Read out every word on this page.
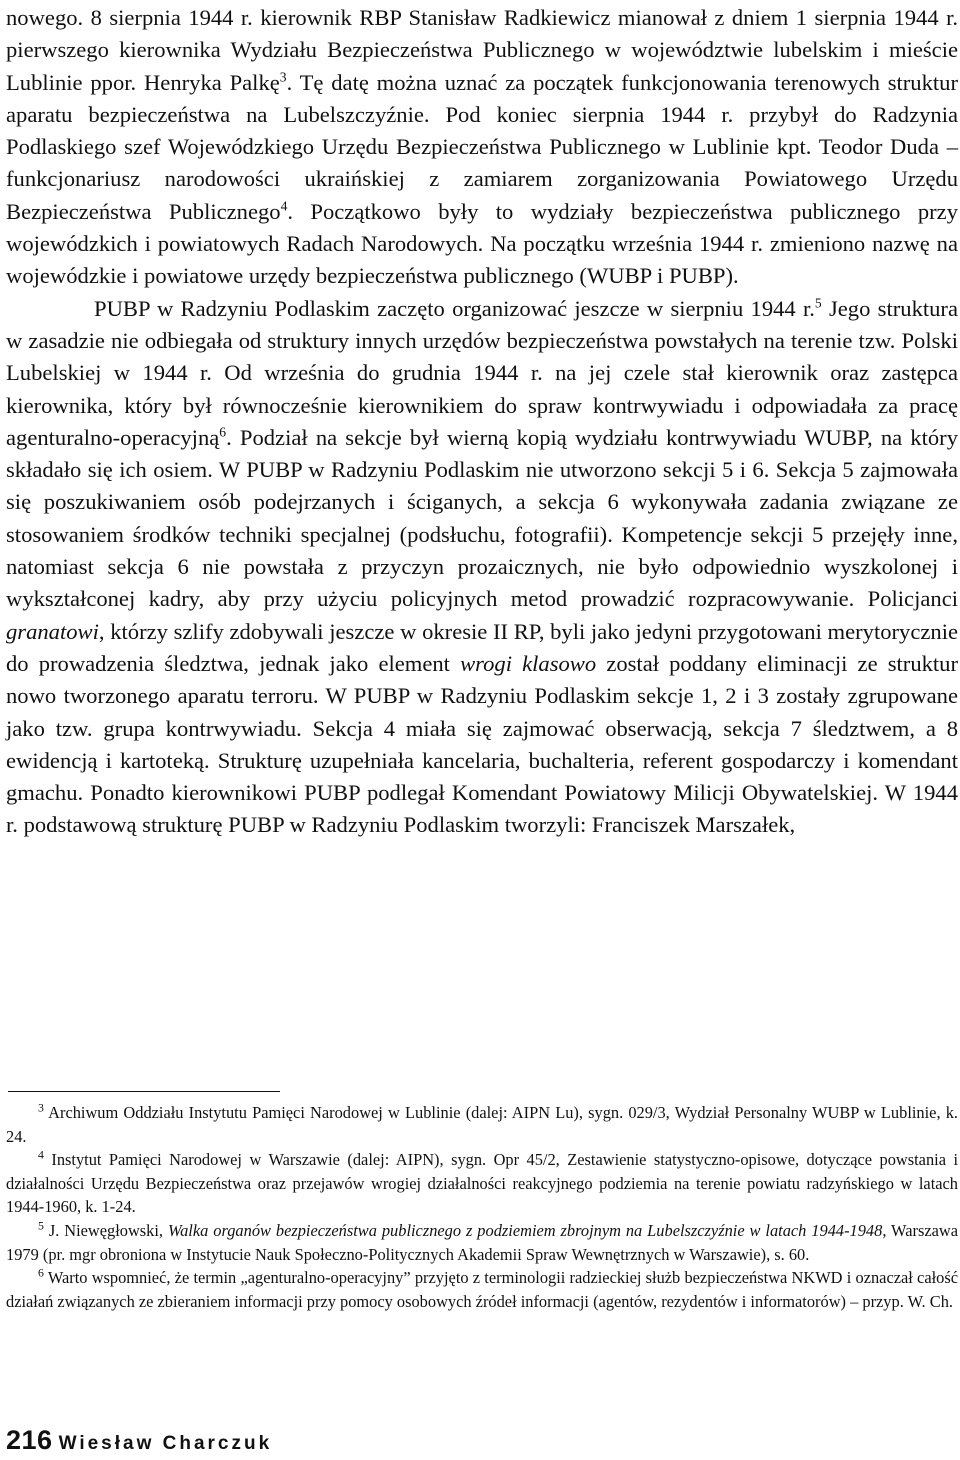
nowego. 8 sierpnia 1944 r. kierownik RBP Stanisław Radkiewicz mianował z dniem 1 sierpnia 1944 r. pierwszego kierownika Wydziału Bezpieczeństwa Publicznego w województwie lubelskim i mieście Lublinie ppor. Henryka Palkę$^3$. Tę datę można uznać za początek funkcjonowania terenowych struktur aparatu bezpieczeństwa na Lubelszczyźnie. Pod koniec sierpnia 1944 r. przybył do Radzynia Podlaskiego szef Wojewódzkiego Urzędu Bezpieczeństwa Publicznego w Lublinie kpt. Teodor Duda – funkcjonariusz narodowości ukraińskiej z zamiarem zorganizowania Powiatowego Urzędu Bezpieczeństwa Publicznego$^4$. Początkowo były to wydziały bezpieczeństwa publicznego przy wojewódzkich i powiatowych Radach Narodowych. Na początku września 1944 r. zmieniono nazwę na wojewódzkie i powiatowe urzędy bezpieczeństwa publicznego (WUBP i PUBP).

PUBP w Radzyniu Podlaskim zaczęto organizować jeszcze w sierpniu 1944 r.$^5$ Jego struktura w zasadzie nie odbiegała od struktury innych urzędów bezpieczeństwa powstałych na terenie tzw. Polski Lubelskiej w 1944 r. Od września do grudnia 1944 r. na jej czele stał kierownik oraz zastępca kierownika, który był równocześnie kierownikiem do spraw kontrwywiadu i odpowiadała za pracę agenturalno-operacyjną$^6$. Podział na sekcje był wierną kopią wydziału kontrwywiadu WUBP, na który składało się ich osiem. W PUBP w Radzyniu Podlaskim nie utworzono sekcji 5 i 6. Sekcja 5 zajmowała się poszukiwaniem osób podejrzanych i ściganych, a sekcja 6 wykonywała zadania związane ze stosowaniem środków techniki specjalnej (podsłuchu, fotografii). Kompetencje sekcji 5 przejęły inne, natomiast sekcja 6 nie powstała z przyczyn prozaicznych, nie było odpowiednio wyszkolonej i wykształconej kadry, aby przy użyciu policyjnych metod prowadzić rozpracowywanie. Policjanci granatowi, którzy szlify zdobywali jeszcze w okresie II RP, byli jako jedyni przygotowani merytorycznie do prowadzenia śledztwa, jednak jako element wrogi klasowo został poddany eliminacji ze struktur nowo tworzonego aparatu terroru. W PUBP w Radzyniu Podlaskim sekcje 1, 2 i 3 zostały zgrupowane jako tzw. grupa kontrwywiadu. Sekcja 4 miała się zajmować obserwacją, sekcja 7 śledztwem, a 8 ewidencją i kartoteką. Strukturę uzupełniała kancelaria, buchalteria, referent gospodarczy i komendant gmachu. Ponadto kierownikowi PUBP podlegał Komendant Powiatowy Milicji Obywatelskiej. W 1944 r. podstawową strukturę PUBP w Radzyniu Podlaskim tworzyli: Franciszek Marszałek,

$^3$ Archiwum Oddziału Instytutu Pamięci Narodowej w Lublinie (dalej: AIPN Lu), sygn. 029/3, Wydział Personalny WUBP w Lublinie, k. 24.

$^4$ Instytut Pamięci Narodowej w Warszawie (dalej: AIPN), sygn. Opr 45/2, Zestawienie statystyczno-opisowe, dotyczące powstania i działalności Urzędu Bezpieczeństwa oraz przejawów wrogiej działalności reakcyjnego podziemia na terenie powiatu radzyńskiego w latach 1944-1960, k. 1-24.

$^5$ J. Niewęgłowski, Walka organów bezpieczeństwa publicznego z podziemiem zbrojnym na Lubelszczyźnie w latach 1944-1948, Warszawa 1979 (pr. mgr obroniona w Instytucie Nauk Społeczno-Politycznych Akademii Spraw Wewnętrznych w Warszawie), s. 60.

$^6$ Warto wspomnieć, że termin „agenturalno-operacyjny” przyjęto z terminologii radzieckiej służb bezpieczeństwa NKWD i oznaczał całość działań związanych ze zbieraniem informacji przy pomocy osobowych źródeł informacji (agentów, rezydentów i informatorów) – przyp. W. Ch.

216 Wiesław Charczuk
